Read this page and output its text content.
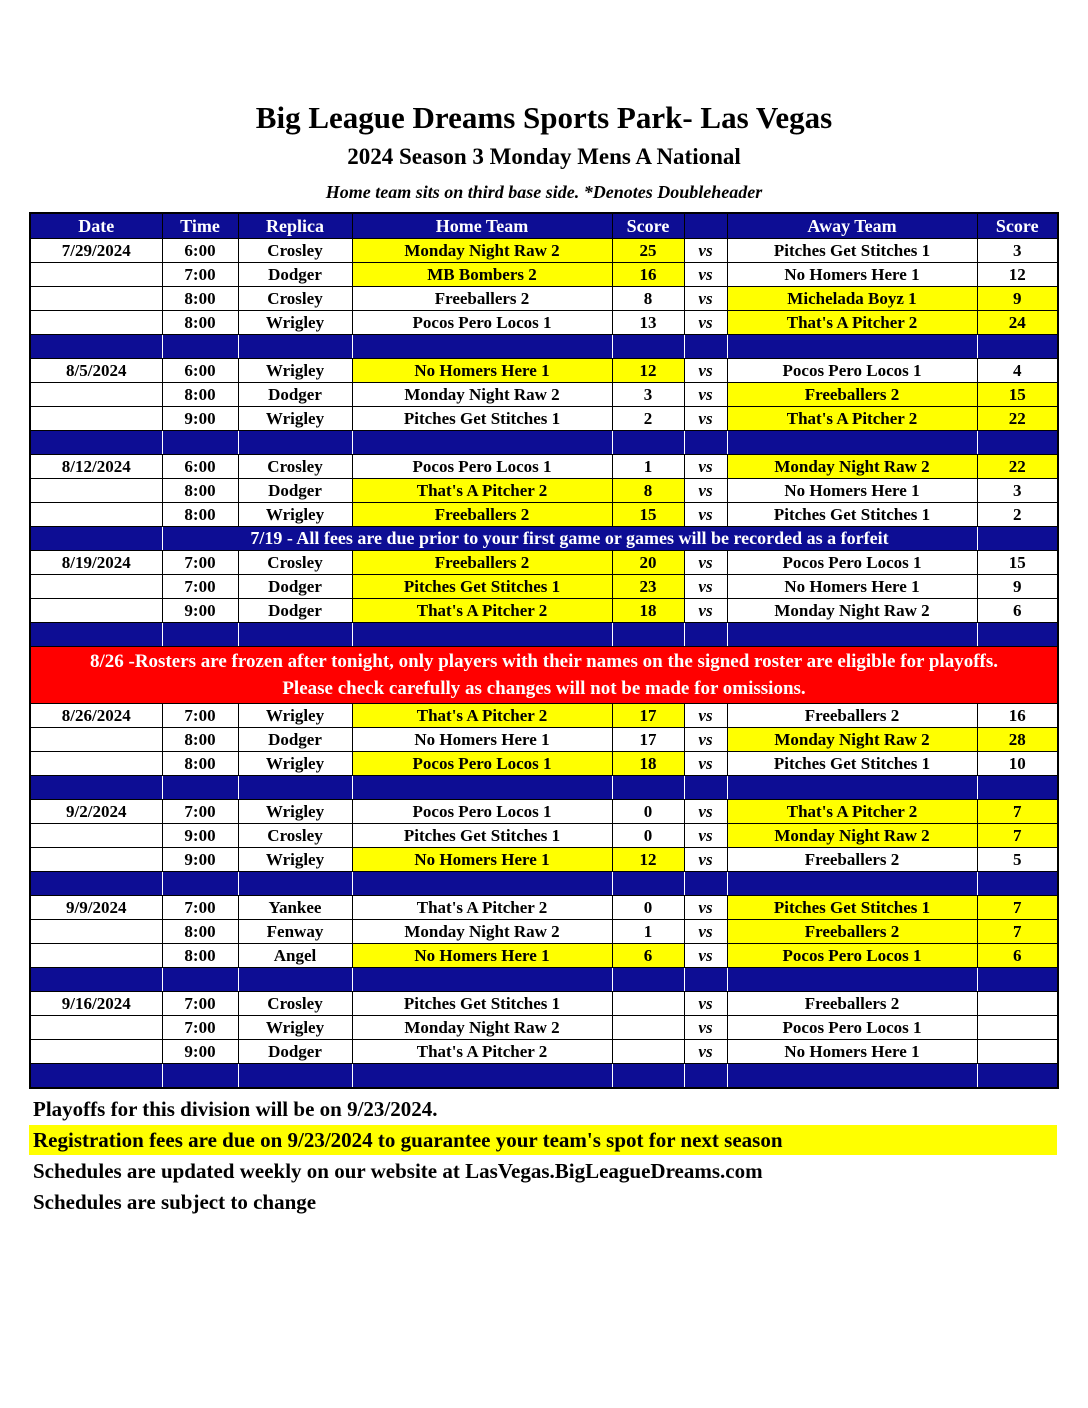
Big League Dreams Sports Park- Las Vegas
2024 Season 3 Monday Mens A National
Home team sits on third base side. *Denotes Doubleheader
Date	Time	Replica	Home Team	Score		Away Team	Score
7/29/2024	6:00	Crosley	Monday Night Raw 2	25	vs	Pitches Get Stitches 1	3
	7:00	Dodger	MB Bombers 2	16	vs	No Homers Here 1	12
	8:00	Crosley	Freeballers 2	8	vs	Michelada Boyz 1	9
	8:00	Wrigley	Pocos Pero Locos 1	13	vs	That's A Pitcher 2	24

8/5/2024	6:00	Wrigley	No Homers Here 1	12	vs	Pocos Pero Locos 1	4
	8:00	Dodger	Monday Night Raw 2	3	vs	Freeballers 2	15
	9:00	Wrigley	Pitches Get Stitches 1	2	vs	That's A Pitcher 2	22

8/12/2024	6:00	Crosley	Pocos Pero Locos 1	1	vs	Monday Night Raw 2	22
	8:00	Dodger	That's A Pitcher 2	8	vs	No Homers Here 1	3
	8:00	Wrigley	Freeballers 2	15	vs	Pitches Get Stitches 1	2
	7/19 - All fees are due prior to your first game or games will be recorded as a forfeit						
8/19/2024	7:00	Crosley	Freeballers 2	20	vs	Pocos Pero Locos 1	15
	7:00	Dodger	Pitches Get Stitches 1	23	vs	No Homers Here 1	9
	9:00	Dodger	That's A Pitcher 2	18	vs	Monday Night Raw 2	6

8/26 -Rosters are frozen after tonight, only players with their names on the signed roster are eligible for playoffs.
Please check carefully as changes will not be made for omissions.							

8/26/2024	7:00	Wrigley	That's A Pitcher 2	17	vs	Freeballers 2	16
	8:00	Dodger	No Homers Here 1	17	vs	Monday Night Raw 2	28
	8:00	Wrigley	Pocos Pero Locos 1	18	vs	Pitches Get Stitches 1	10

9/2/2024	7:00	Wrigley	Pocos Pero Locos 1	0	vs	That's A Pitcher 2	7
	9:00	Crosley	Pitches Get Stitches 1	0	vs	Monday Night Raw 2	7
	9:00	Wrigley	No Homers Here 1	12	vs	Freeballers 2	5

9/9/2024	7:00	Yankee	That's A Pitcher 2	0	vs	Pitches Get Stitches 1	7
	8:00	Fenway	Monday Night Raw 2	1	vs	Freeballers 2	7
	8:00	Angel	No Homers Here 1	6	vs	Pocos Pero Locos 1	6

9/16/2024	7:00	Crosley	Pitches Get Stitches 1		vs	Freeballers 2	
	7:00	Wrigley	Monday Night Raw 2		vs	Pocos Pero Locos 1	
	9:00	Dodger	That's A Pitcher 2		vs	No Homers Here 1	

Playoffs for this division will be on 9/23/2024.
Registration fees are due on 9/23/2024 to guarantee your team's spot for next season
Schedules are updated weekly on our website at LasVegas.BigLeagueDreams.com
Schedules are subject to change
